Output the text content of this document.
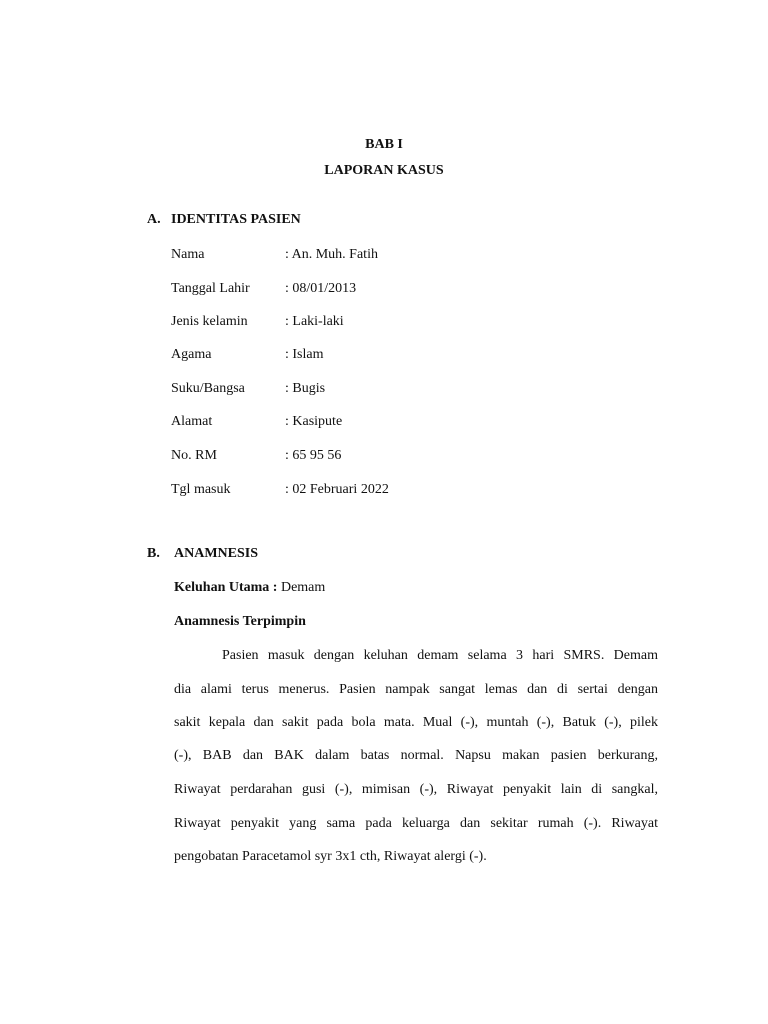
BAB I
LAPORAN KASUS
A. IDENTITAS PASIEN
Nama	: An. Muh. Fatih
Tanggal Lahir	: 08/01/2013
Jenis kelamin	: Laki-laki
Agama	: Islam
Suku/Bangsa	: Bugis
Alamat	: Kasipute
No. RM	: 65 95 56
Tgl masuk	: 02 Februari 2022
B. ANAMNESIS
Keluhan Utama : Demam
Anamnesis Terpimpin
Pasien masuk dengan keluhan demam selama 3 hari SMRS. Demam
dia alami terus menerus. Pasien nampak sangat lemas dan di sertai dengan
sakit kepala dan sakit pada bola mata. Mual (-), muntah (-), Batuk (-), pilek
(-), BAB dan BAK dalam batas normal. Napsu makan pasien berkurang,
Riwayat perdarahan gusi (-), mimisan (-), Riwayat penyakit lain di sangkal,
Riwayat penyakit yang sama pada keluarga dan sekitar rumah (-). Riwayat
pengobatan Paracetamol syr 3x1 cth, Riwayat alergi (-).
